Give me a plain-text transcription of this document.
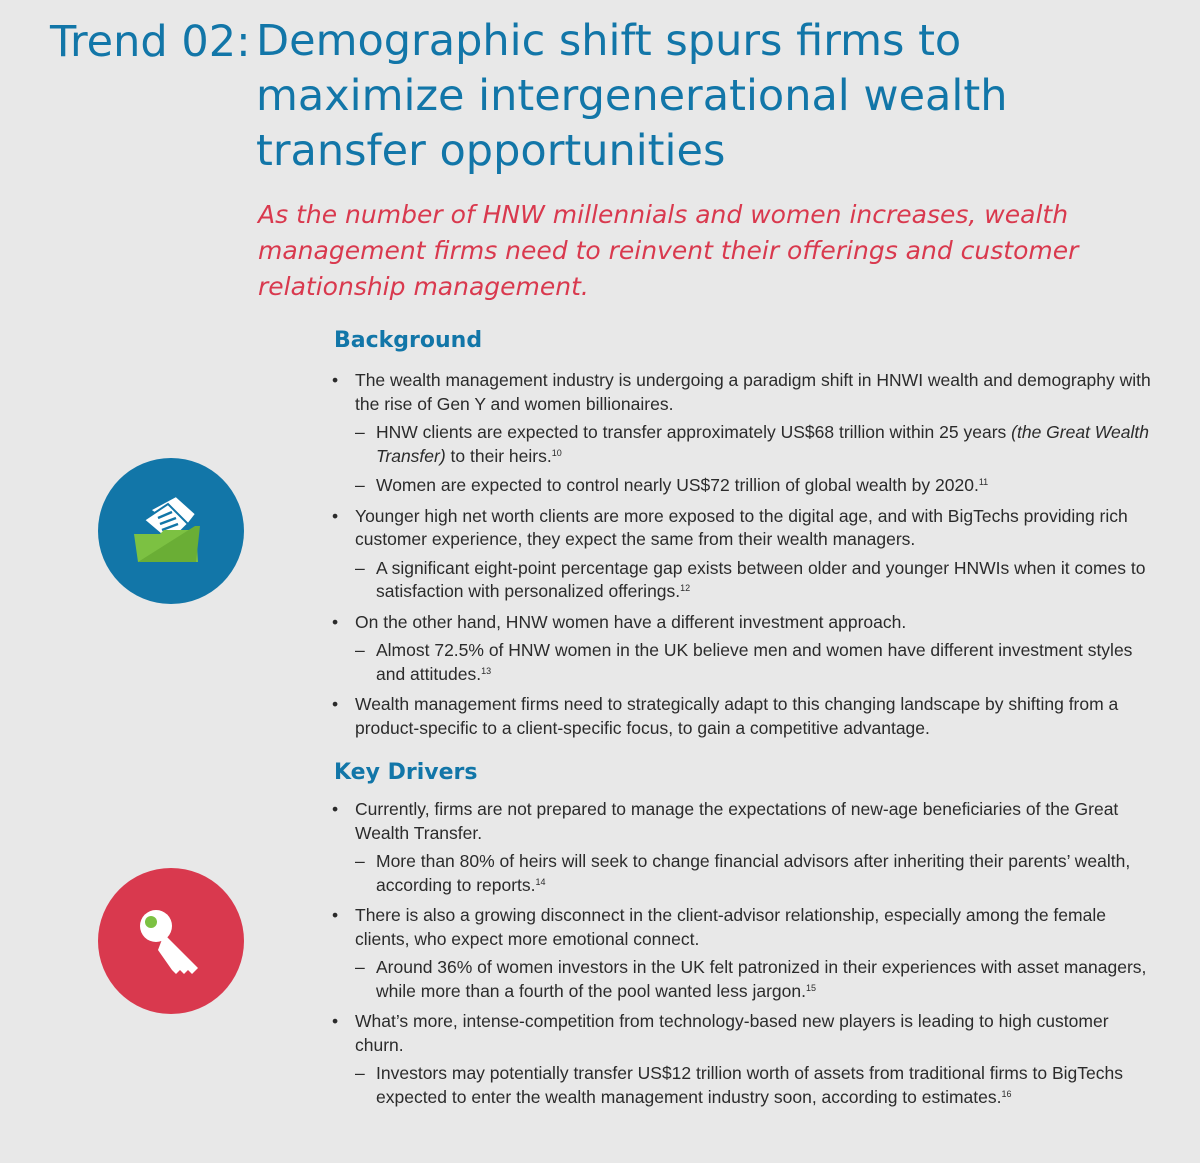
Trend 02: Demographic shift spurs firms to maximize intergenerational wealth transfer opportunities

As the number of HNW millennials and women increases, wealth management firms need to reinvent their offerings and customer relationship management.

Background
• The wealth management industry is undergoing a paradigm shift in HNWI wealth and demography with the rise of Gen Y and women billionaires.
– HNW clients are expected to transfer approximately US$68 trillion within 25 years (the Great Wealth Transfer) to their heirs.$^{10}$
– Women are expected to control nearly US$72 trillion of global wealth by 2020.11
• Younger high net worth clients are more exposed to the digital age, and with BigTechs providing rich customer experience, they expect the same from their wealth managers.
– A significant eight-point percentage gap exists between older and younger HNWIs when it comes to satisfaction with personalized offerings.$^{12}$
• On the other hand, HNW women have a different investment approach.
– Almost 72.5% of HNW women in the UK believe men and women have different investment styles and attitudes.$^{13}$
• Wealth management firms need to strategically adapt to this changing landscape by shifting from a product-specific to a client-specific focus, to gain a competitive advantage.
Key Drivers
• Currently, firms are not prepared to manage the expectations of new-age beneficiaries of the Great Wealth Transfer.
– More than 80% of heirs will seek to change financial advisors after inheriting their parents’ wealth, according to reports.$^{14}$
• There is also a growing disconnect in the client-advisor relationship, especially among the female clients, who expect more emotional connect.
– Around 36% of women investors in the UK felt patronized in their experiences with asset managers, while more than a fourth of the pool wanted less jargon.$^{15}$
• What’s more, intense-competition from technology-based new players is leading to high customer churn.
– Investors may potentially transfer US$12 trillion worth of assets from traditional firms to BigTechs expected to enter the wealth management industry soon, according to estimates.$^{16}$
